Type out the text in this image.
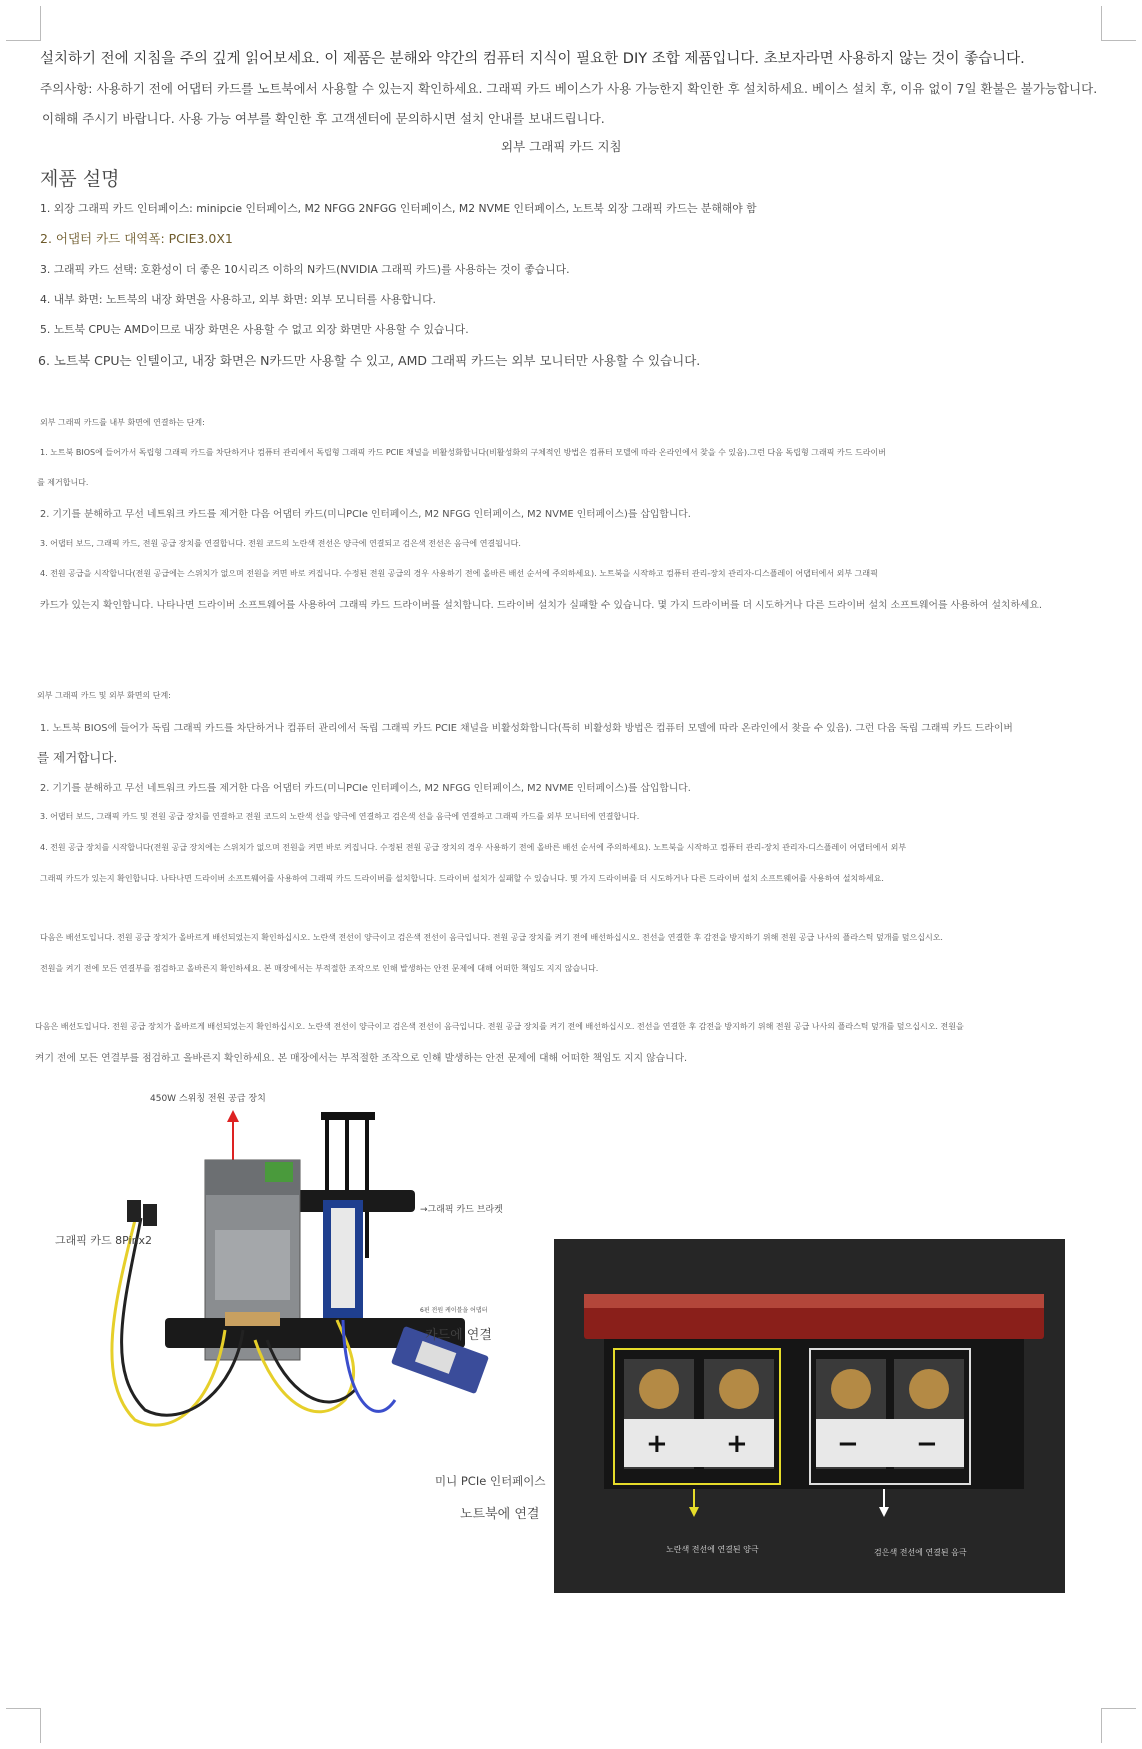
설치하기 전에 지침을 주의 깊게 읽어보세요. 이 제품은 분해와 약간의 컴퓨터 지식이 필요한 DIY 조합 제품입니다. 초보자라면 사용하지 않는 것이 좋습니다.
주의사항: 사용하기 전에 어댑터 카드를 노트북에서 사용할 수 있는지 확인하세요. 그래픽 카드 베이스가 사용 가능한지 확인한 후 설치하세요. 베이스 설치 후, 이유 없이 7일 환불은 불가능합니다.
이해해 주시기 바랍니다. 사용 가능 여부를 확인한 후 고객센터에 문의하시면 설치 안내를 보내드립니다.
외부 그래픽 카드 지침
제품 설명
1. 외장 그래픽 카드 인터페이스: minipcie 인터페이스, M2 NFGG 2NFGG 인터페이스, M2 NVME 인터페이스, 노트북 외장 그래픽 카드는 분해해야 함
2. 어댑터 카드 대역폭: PCIE3.0X1
3. 그래픽 카드 선택: 호환성이 더 좋은 10시리즈 이하의 N카드(NVIDIA 그래픽 카드)를 사용하는 것이 좋습니다.
4. 내부 화면: 노트북의 내장 화면을 사용하고, 외부 화면: 외부 모니터를 사용합니다.
5. 노트북 CPU는 AMD이므로 내장 화면은 사용할 수 없고 외장 화면만 사용할 수 있습니다.
6. 노트북 CPU는 인텔이고, 내장 화면은 N카드만 사용할 수 있고, AMD 그래픽 카드는 외부 모니터만 사용할 수 있습니다.
외부 그래픽 카드를 내부 화면에 연결하는 단계:
1. 노트북 BIOS에 들어가서 독립형 그래픽 카드를 차단하거나 컴퓨터 관리에서 독립형 그래픽 카드 PCIE 채널을 비활성화합니다(비활성화의 구체적인 방법은 컴퓨터 모델에 따라 온라인에서 찾을 수 있음).그런 다음 독립형 그래픽 카드 드라이버
를 제거합니다.
2. 기기를 분해하고 무선 네트워크 카드를 제거한 다음 어댑터 카드(미니PCIe 인터페이스, M2 NFGG 인터페이스, M2 NVME 인터페이스)를 삽입합니다.
3. 어댑터 보드, 그래픽 카드, 전원 공급 장치를 연결합니다. 전원 코드의 노란색 전선은 양극에 연결되고 검은색 전선은 음극에 연결됩니다.
4. 전원 공급을 시작합니다(전원 공급에는 스위치가 없으며 전원을 켜면 바로 켜집니다. 수정된 전원 공급의 경우 사용하기 전에 올바른 배선 순서에 주의하세요). 노트북을 시작하고 컴퓨터 관리-장치 관리자-디스플레이 어댑터에서 외부 그래픽
카드가 있는지 확인합니다. 나타나면 드라이버 소프트웨어를 사용하여 그래픽 카드 드라이버를 설치합니다. 드라이버 설치가 실패할 수 있습니다. 몇 가지 드라이버를 더 시도하거나 다른 드라이버 설치 소프트웨어를 사용하여 설치하세요.
외부 그래픽 카드 및 외부 화면의 단계:
1. 노트북 BIOS에 들어가 독립 그래픽 카드를 차단하거나 컴퓨터 관리에서 독립 그래픽 카드 PCIE 채널을 비활성화합니다(특히 비활성화 방법은 컴퓨터 모델에 따라 온라인에서 찾을 수 있음). 그런 다음 독립 그래픽 카드 드라이버
를 제거합니다.
2. 기기를 분해하고 무선 네트워크 카드를 제거한 다음 어댑터 카드(미니PCIe 인터페이스, M2 NFGG 인터페이스, M2 NVME 인터페이스)를 삽입합니다.
3. 어댑터 보드, 그래픽 카드 및 전원 공급 장치를 연결하고 전원 코드의 노란색 선을 양극에 연결하고 검은색 선을 음극에 연결하고 그래픽 카드를 외부 모니터에 연결합니다.
4. 전원 공급 장치를 시작합니다(전원 공급 장치에는 스위치가 없으며 전원을 켜면 바로 켜집니다. 수정된 전원 공급 장치의 경우 사용하기 전에 올바른 배선 순서에 주의하세요). 노트북을 시작하고 컴퓨터 관리-장치 관리자-디스플레이 어댑터에서 외부
그래픽 카드가 있는지 확인합니다. 나타나면 드라이버 소프트웨어를 사용하여 그래픽 카드 드라이버를 설치합니다. 드라이버 설치가 실패할 수 있습니다. 몇 가지 드라이버를 더 시도하거나 다른 드라이버 설치 소프트웨어를 사용하여 설치하세요.
다음은 배선도입니다. 전원 공급 장치가 올바르게 배선되었는지 확인하십시오. 노란색 전선이 양극이고 검은색 전선이 음극입니다. 전원 공급 장치를 켜기 전에 배선하십시오. 전선을 연결한 후 감전을 방지하기 위해 전원 공급 나사의 플라스틱 덮개를 덮으십시오.
전원을 켜기 전에 모든 연결부를 점검하고 올바른지 확인하세요. 본 매장에서는 부적절한 조작으로 인해 발생하는 안전 문제에 대해 어떠한 책임도 지지 않습니다.
다음은 배선도입니다. 전원 공급 장치가 올바르게 배선되었는지 확인하십시오. 노란색 전선이 양극이고 검은색 전선이 음극입니다. 전원 공급 장치를 켜기 전에 배선하십시오. 전선을 연결한 후 감전을 방지하기 위해 전원 공급 나사의 플라스틱 덮개를 덮으십시오. 전원을
켜기 전에 모든 연결부를 점검하고 올바른지 확인하세요. 본 매장에서는 부적절한 조작으로 인해 발생하는 안전 문제에 대해 어떠한 책임도 지지 않습니다.
450W 스위칭 전원 공급 장치
→그래픽 카드 브라켓
그래픽 카드 8Pinx2
6핀 전원 케이블을 어댑터
카드에 연결
미니 PCIe 인터페이스
노트북에 연결
+ +	− −
노란색 전선에 연결된 양극	검은색 전선에 연결된 음극
